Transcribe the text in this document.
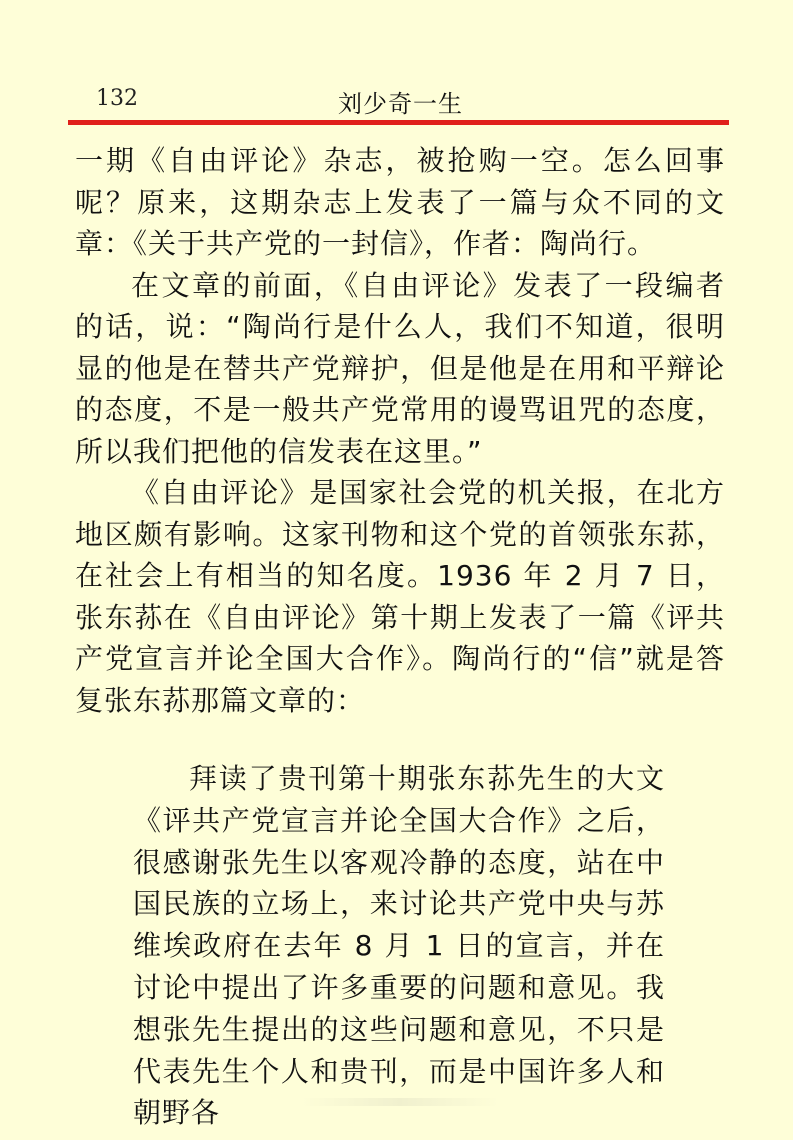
132	刘少奇一生

一期《自由评论》杂志，被抢购一空。怎么回事呢？原来，这期杂志上发表了一篇与众不同的文章：《关于共产党的一封信》，作者：陶尚行。

在文章的前面，《自由评论》发表了一段编者的话，说：“陶尚行是什么人，我们不知道，很明显的他是在替共产党辩护，但是他是在用和平辩论的态度，不是一般共产党常用的谩骂诅咒的态度，所以我们把他的信发表在这里。”

《自由评论》是国家社会党的机关报，在北方地区颇有影响。这家刊物和这个党的首领张东荪，在社会上有相当的知名度。1936 年 2 月 7 日，张东荪在《自由评论》第十期上发表了一篇《评共产党宣言并论全国大合作》。陶尚行的“信”就是答复张东荪那篇文章的：

拜读了贵刊第十期张东荪先生的大文《评共产党宣言并论全国大合作》之后，很感谢张先生以客观冷静的态度，站在中国民族的立场上，来讨论共产党中央与苏维埃政府在去年 8 月 1 日的宣言，并在讨论中提出了许多重要的问题和意见。我想张先生提出的这些问题和意见，不只是代表先生个人和贵刊，而是中国许多人和朝野各
